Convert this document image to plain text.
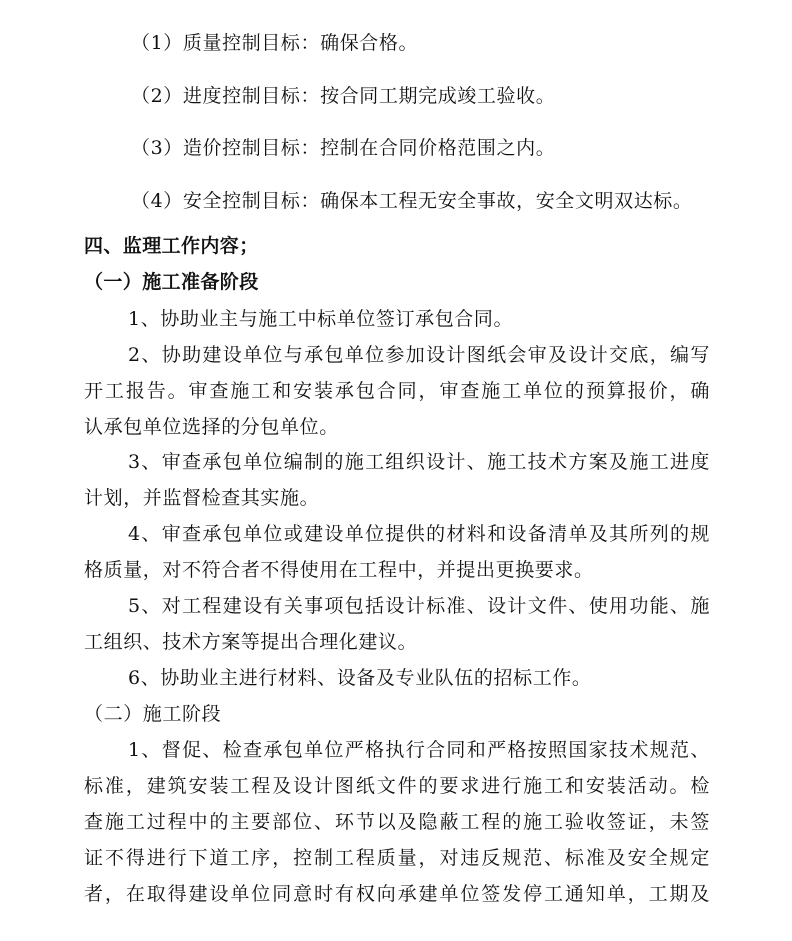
（1）质量控制目标：确保合格。
（2）进度控制目标：按合同工期完成竣工验收。
（3）造价控制目标：控制在合同价格范围之内。
（4）安全控制目标：确保本工程无安全事故，安全文明双达标。
四、监理工作内容；
（一）施工准备阶段
1、协助业主与施工中标单位签订承包合同。
2、协助建设单位与承包单位参加设计图纸会审及设计交底，编写
开工报告。审查施工和安装承包合同，审查施工单位的预算报价，确
认承包单位选择的分包单位。
3、审查承包单位编制的施工组织设计、施工技术方案及施工进度
计划，并监督检查其实施。
4、审查承包单位或建设单位提供的材料和设备清单及其所列的规
格质量，对不符合者不得使用在工程中，并提出更换要求。
5、对工程建设有关事项包括设计标准、设计文件、使用功能、施
工组织、技术方案等提出合理化建议。
6、协助业主进行材料、设备及专业队伍的招标工作。
（二）施工阶段
1、督促、检查承包单位严格执行合同和严格按照国家技术规范、
标准，建筑安装工程及设计图纸文件的要求进行施工和安装活动。检
查施工过程中的主要部位、环节以及隐蔽工程的施工验收签证，未签
证不得进行下道工序，控制工程质量，对违反规范、标准及安全规定
者，在取得建设单位同意时有权向承建单位签发停工通知单，工期及
